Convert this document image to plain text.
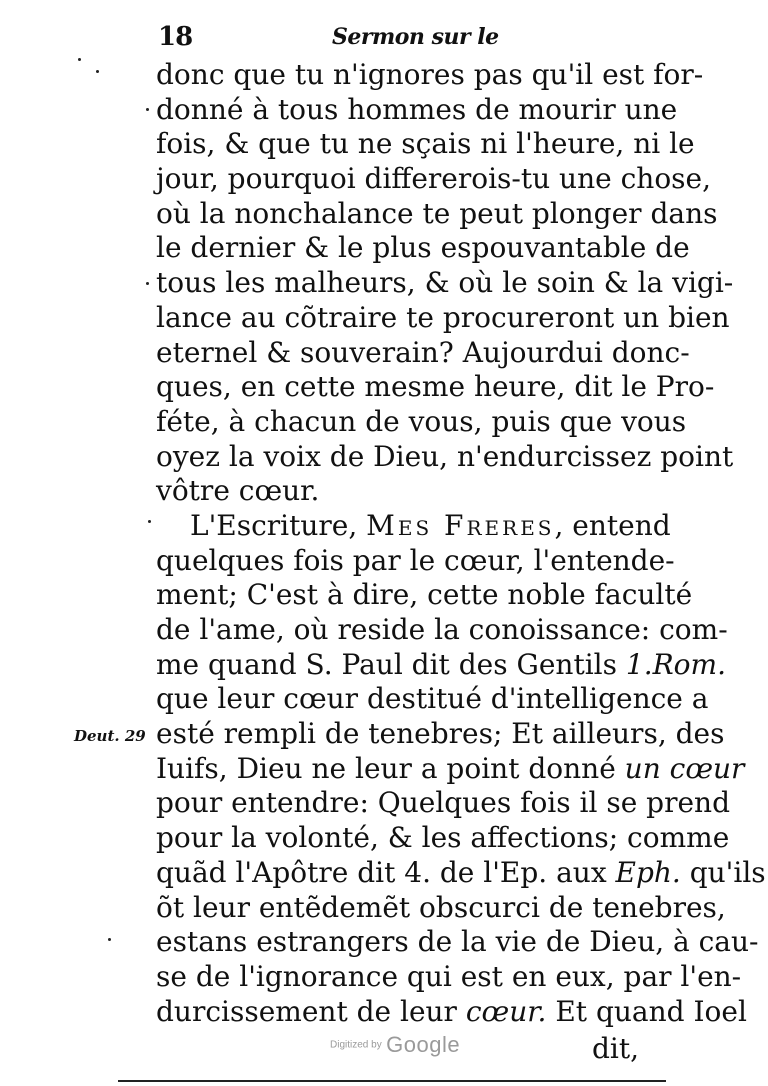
18	Sermon sur le
Deut. 29
donc que tu n'ignores pas qu'il est for-
donné à tous hommes de mourir une
fois, & que tu ne sçais ni l'heure, ni le
jour, pourquoi differerois-tu une chose,
où la nonchalance te peut plonger dans
le dernier & le plus espouvantable de
tous les malheurs, & où le soin & la vigi-
lance au cõtraire te procureront un bien
eternel & souverain? Aujourdui donc-
ques, en cette mesme heure, dit le Pro-
féte, à chacun de vous, puis que vous
oyez la voix de Dieu, n'endurcissez point
vôtre cœur.
L'Escriture, Mes Freres, entend
quelques fois par le cœur, l'entende-
ment; C'est à dire, cette noble faculté
de l'ame, où reside la conoissance: com-
me quand S. Paul dit des Gentils 1.Rom.
que leur cœur destitué d'intelligence a
esté rempli de tenebres; Et ailleurs, des
Iuifs, Dieu ne leur a point donné un cœur
pour entendre: Quelques fois il se prend
pour la volonté, & les affections; comme
quãd l'Apôtre dit 4. de l'Ep. aux Eph. qu'ils
õt leur entẽdemẽt obscurci de tenebres,
estans estrangers de la vie de Dieu, à cau-
se de l'ignorance qui est en eux, par l'en-
durcissement de leur cœur. Et quand Ioel
Digitized by Google	dit,
